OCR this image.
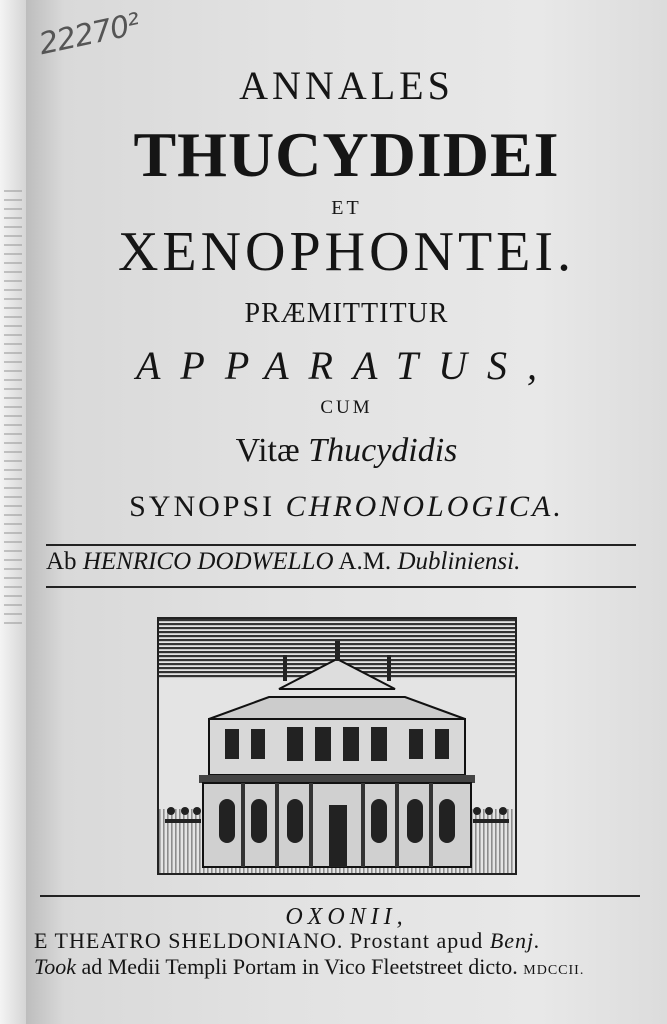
22270²
ANNALES
THUCYDIDEI
ET
XENOPHONTEI.
PRÆMITTITUR
APPARATUS,
CUM
Vitæ Thucydidis
SYNOPSI CHRONOLOGICA.
Ab HENRICO DODWELLO A.M. Dubliniensi.
OXONII,
E THEATRO SHELDONIANO. Prostant apud Benj.
Took ad Medii Templi Portam in Vico Fleetstreet dicto. MDCCII.
